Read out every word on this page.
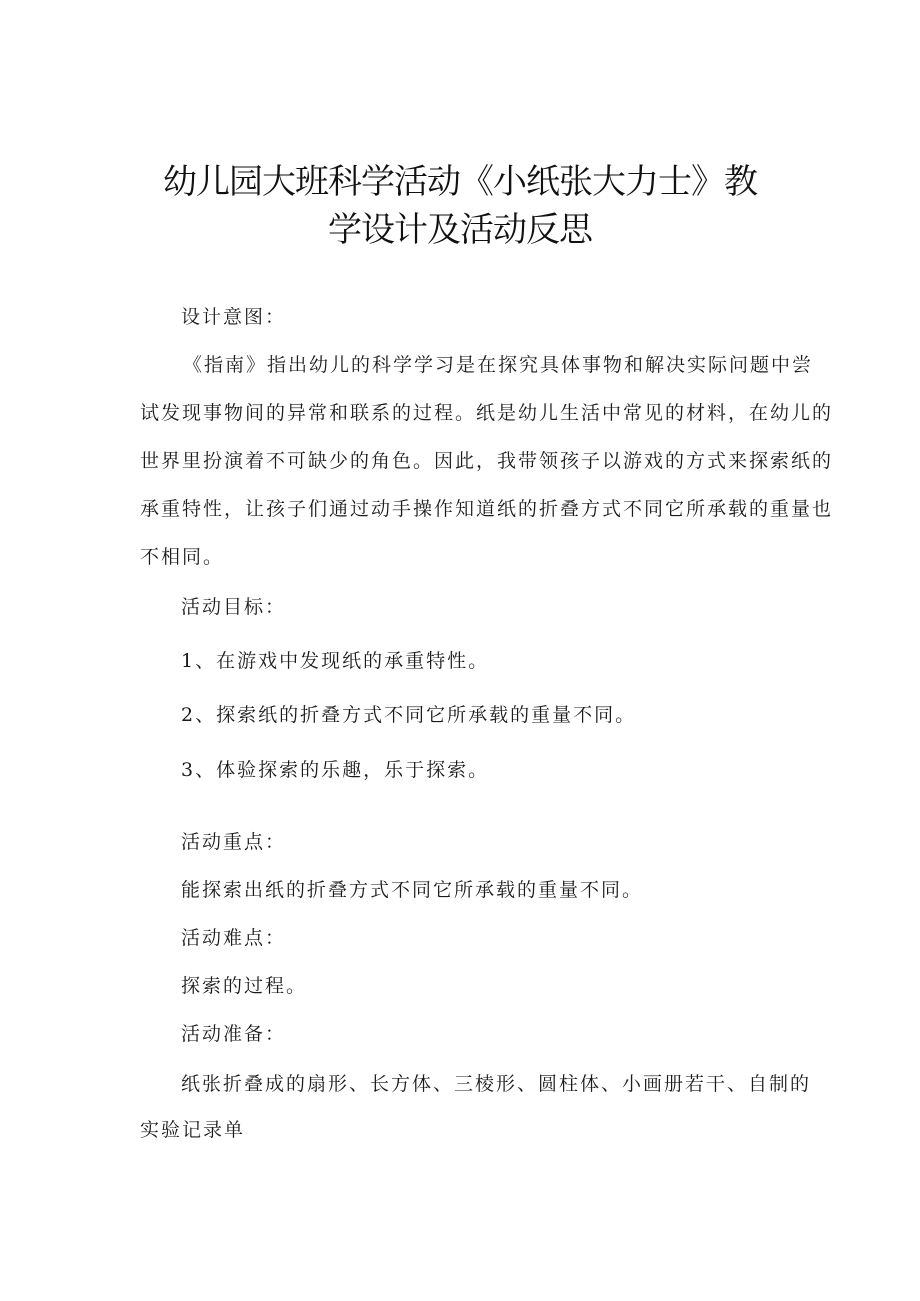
幼儿园大班科学活动《小纸张大力士》教
学设计及活动反思
设计意图：
《指南》指出幼儿的科学学习是在探究具体事物和解决实际问题中尝
试发现事物间的异常和联系的过程。纸是幼儿生活中常见的材料，在幼儿的
世界里扮演着不可缺少的角色。因此，我带领孩子以游戏的方式来探索纸的
承重特性，让孩子们通过动手操作知道纸的折叠方式不同它所承载的重量也
不相同。
活动目标：
1、在游戏中发现纸的承重特性。
2、探索纸的折叠方式不同它所承载的重量不同。
3、体验探索的乐趣，乐于探索。
活动重点：
能探索出纸的折叠方式不同它所承载的重量不同。
活动难点：
探索的过程。
活动准备：
纸张折叠成的扇形、长方体、三棱形、圆柱体、小画册若干、自制的
实验记录单
